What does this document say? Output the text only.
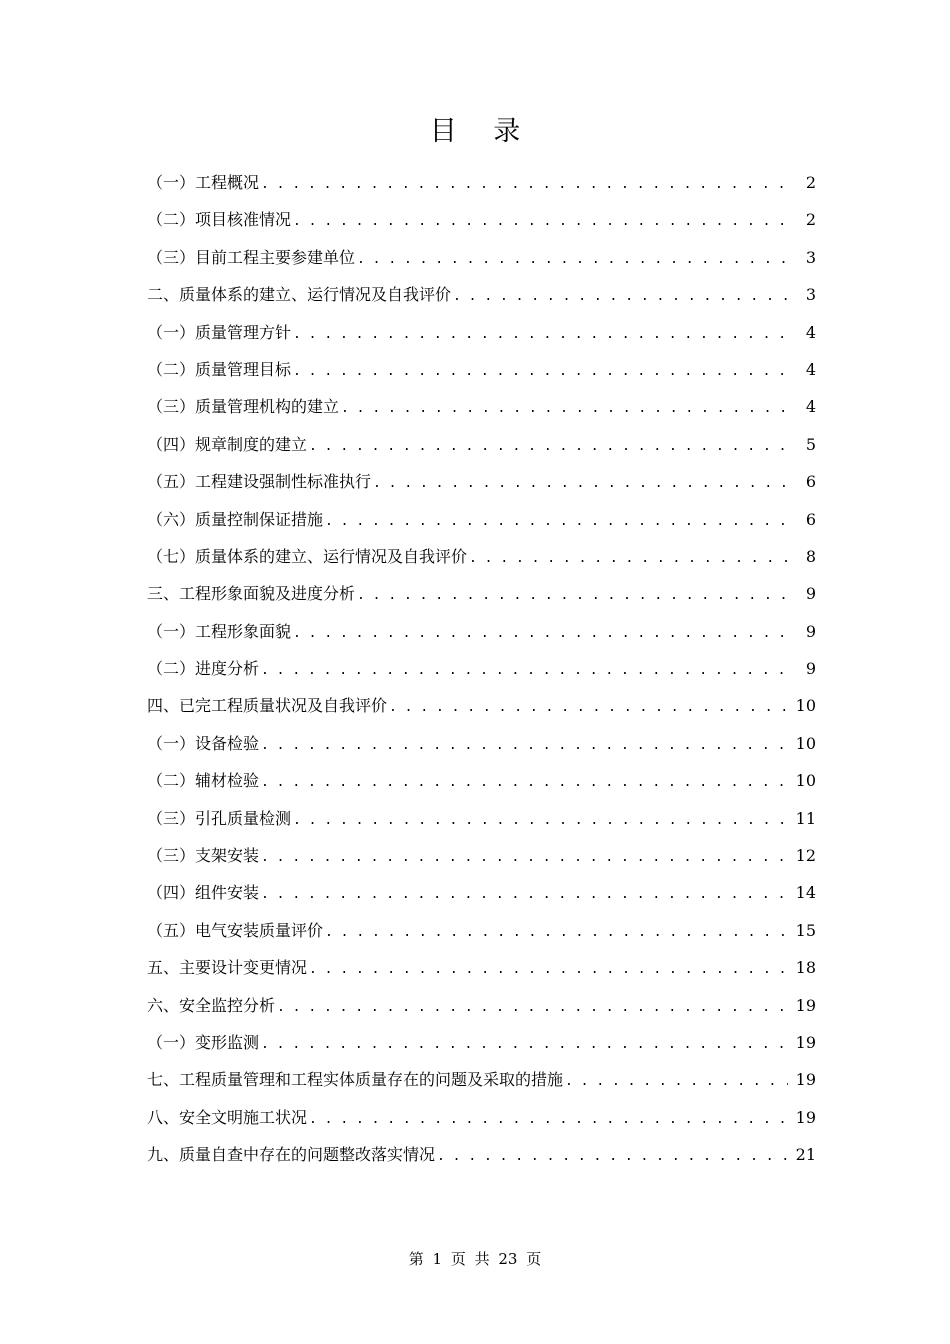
目 录
（一）工程概况 . . .	2
（二）项目核准情况 . . .	2
（三）目前工程主要参建单位 . . .	3
二、质量体系的建立、运行情况及自我评价 . . .	3
（一）质量管理方针 . . .	4
（二）质量管理目标 . . .	4
（三）质量管理机构的建立 . . .	4
（四）规章制度的建立 . . .	5
（五）工程建设强制性标准执行 . . .	6
（六）质量控制保证措施 . . .	6
（七）质量体系的建立、运行情况及自我评价 . . .	8
三、工程形象面貌及进度分析 . . .	9
（一）工程形象面貌 . . .	9
（二）进度分析 . . .	9
四、已完工程质量状况及自我评价 . . .	10
（一）设备检验 . . .	10
（二）辅材检验 . . .	10
（三）引孔质量检测 . . .	11
（三）支架安装 . . .	12
（四）组件安装 . . .	14
（五）电气安装质量评价 . . .	15
五、主要设计变更情况 . . .	18
六、安全监控分析 . . .	19
（一）变形监测 . . .	19
七、工程质量管理和工程实体质量存在的问题及采取的措施 . . .	19
八、安全文明施工状况 . . .	19
九、质量自查中存在的问题整改落实情况 . . .	21
第 1 页 共 23 页
